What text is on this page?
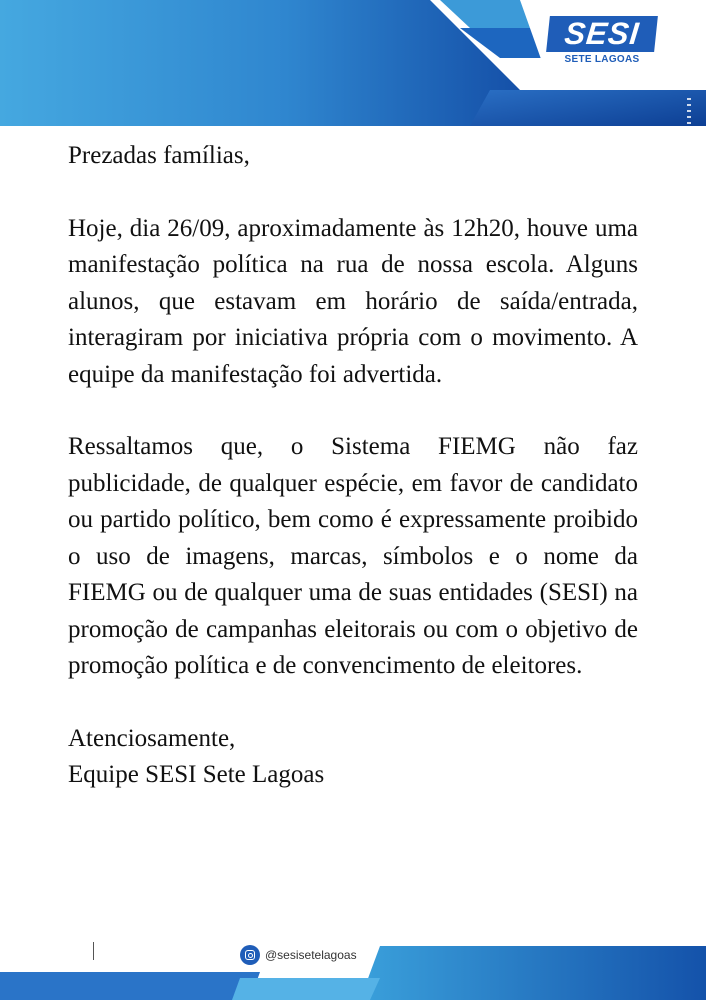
SESI
SETE LAGOAS

Prezadas famílias,

Hoje, dia 26/09, aproximadamente às 12h20, houve uma manifestação política na rua de nossa escola. Alguns alunos, que estavam em horário de saída/entrada, interagiram por iniciativa própria com o movimento. A equipe da manifestação foi advertida.

Ressaltamos que, o Sistema FIEMG não faz publicidade, de qualquer espécie, em favor de candidato ou partido político, bem como é expressamente proibido o uso de imagens, marcas, símbolos e o nome da FIEMG ou de qualquer uma de suas entidades (SESI) na promoção de campanhas eleitorais ou com o objetivo de promoção política e de convencimento de eleitores.

Atenciosamente,

Equipe SESI Sete Lagoas

@sesisetelagoas
